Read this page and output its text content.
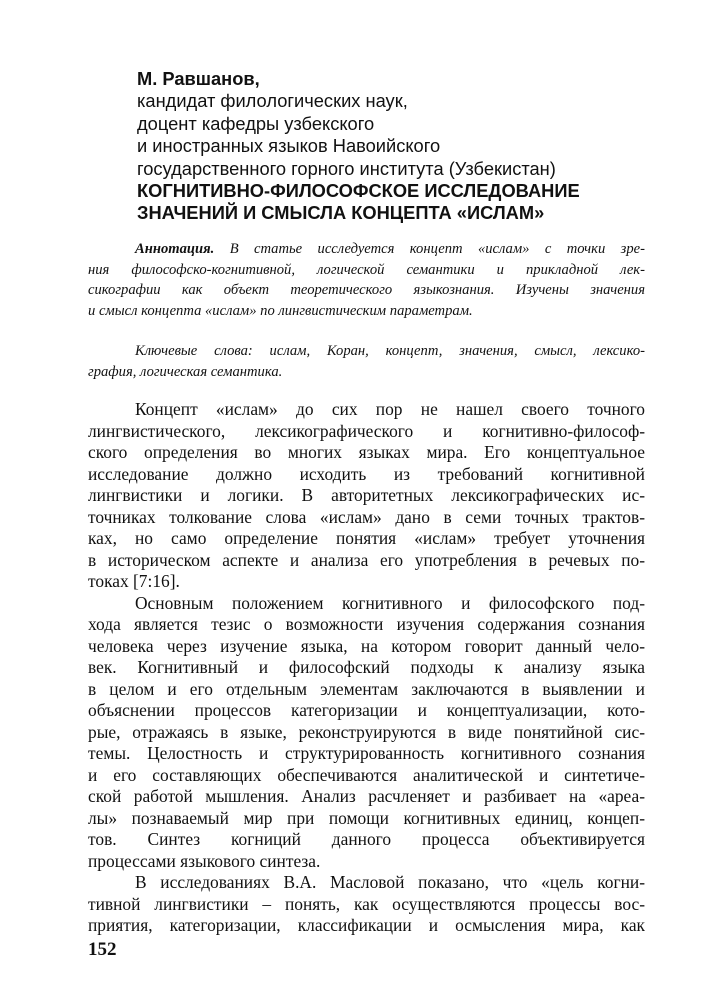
М. Равшанов,
кандидат филологических наук,
доцент кафедры узбекского
и иностранных языков Навоийского
государственного горного института (Узбекистан)
КОГНИТИВНО-ФИЛОСОФСКОЕ ИССЛЕДОВАНИЕ
ЗНАЧЕНИЙ И СМЫСЛА КОНЦЕПТА «ИСЛАМ»
Аннотация. В статье исследуется концепт «ислам» с точки зре-
ния философско-когнитивной, логической семантики и прикладной лек-
сикографии как объект теоретического языкознания. Изучены значения
и смысл концепта «ислам» по лингвистическим параметрам.
Ключевые слова: ислам, Коран, концепт, значения, смысл, лексико-
графия, логическая семантика.
Концепт «ислам» до сих пор не нашел своего точного
лингвистического, лексикографического и когнитивно-философ-
ского определения во многих языках мира. Его концептуальное
исследование должно исходить из требований когнитивной
лингвистики и логики. В авторитетных лексикографических ис-
точниках толкование слова «ислам» дано в семи точных трактов-
ках, но само определение понятия «ислам» требует уточнения
в историческом аспекте и анализа его употребления в речевых по-
токах [7:16].
Основным положением когнитивного и философского под-
хода является тезис о возможности изучения содержания сознания
человека через изучение языка, на котором говорит данный чело-
век. Когнитивный и философский подходы к анализу языка
в целом и его отдельным элементам заключаются в выявлении и
объяснении процессов категоризации и концептуализации, кото-
рые, отражаясь в языке, реконструируются в виде понятийной сис-
темы. Целостность и структурированность когнитивного сознания
и его составляющих обеспечиваются аналитической и синтетиче-
ской работой мышления. Анализ расчленяет и разбивает на «ареа-
лы» познаваемый мир при помощи когнитивных единиц, концеп-
тов. Синтез когниций данного процесса объективируется
процессами языкового синтеза.
В исследованиях В.А. Масловой показано, что «цель когни-
тивной лингвистики – понять, как осуществляются процессы вос-
приятия, категоризации, классификации и осмысления мира, как
152
